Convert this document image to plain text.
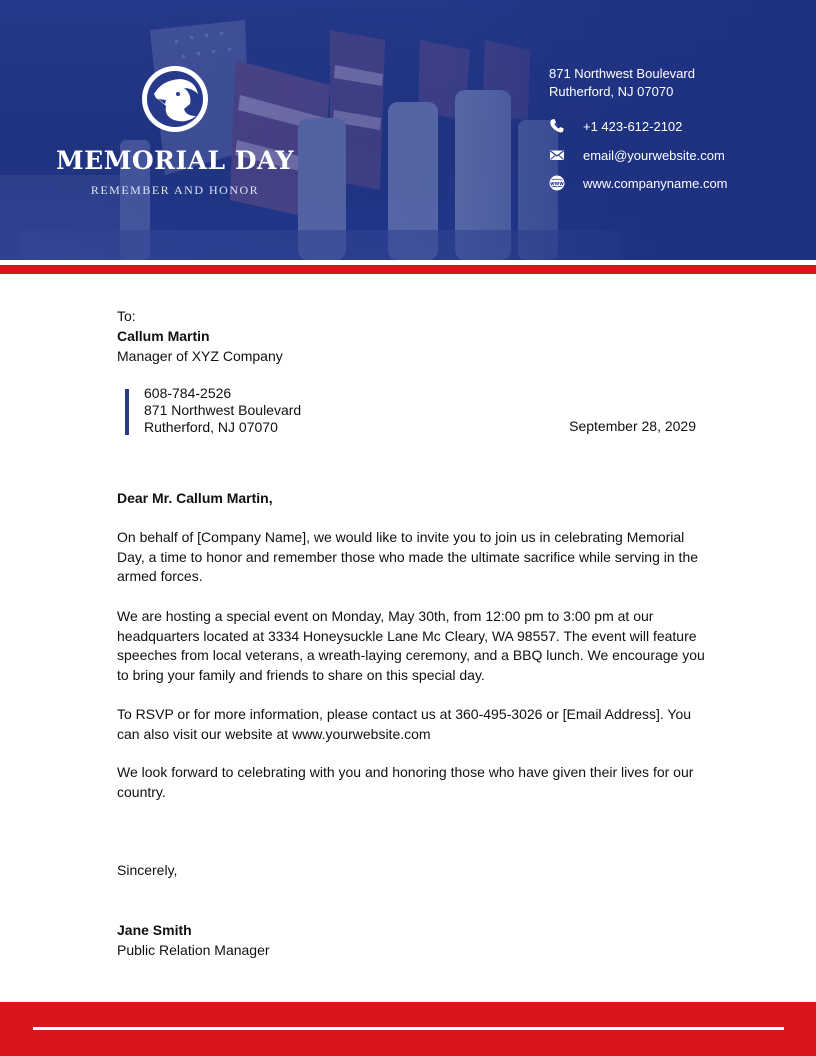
MEMORIAL DAY
REMEMBER AND HONOR
871 Northwest Boulevard
Rutherford, NJ 07070
+1 423-612-2102
email@yourwebsite.com
www www.companyname.com
To:
Callum Martin
Manager of XYZ Company
608-784-2526
871 Northwest Boulevard
Rutherford, NJ 07070	September 28, 2029
Dear Mr. Callum Martin,
On behalf of [Company Name], we would like to invite you to join us in celebrating Memorial Day, a time to honor and remember those who made the ultimate sacrifice while serving in the armed forces.
We are hosting a special event on Monday, May 30th, from 12:00 pm to 3:00 pm at our headquarters located at 3334 Honeysuckle Lane Mc Cleary, WA 98557. The event will feature speeches from local veterans, a wreath-laying ceremony, and a BBQ lunch. We encourage you to bring your family and friends to share on this special day.
To RSVP or for more information, please contact us at 360-495-3026 or [Email Address]. You can also visit our website at www.yourwebsite.com
We look forward to celebrating with you and honoring those who have given their lives for our country.
Sincerely,
Jane Smith
Public Relation Manager
